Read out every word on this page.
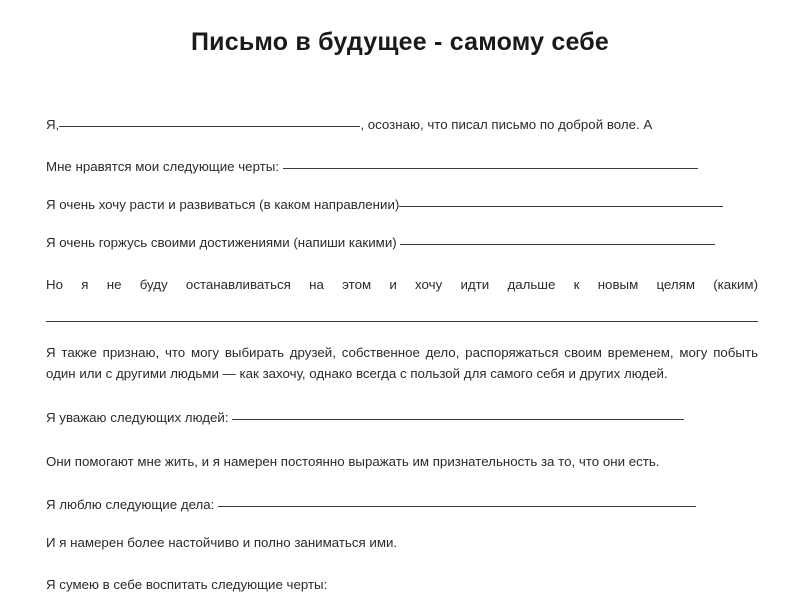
Письмо в будущее - самому себе

Я,	, осознаю, что писал письмо по доброй воле. А

Мне нравятся мои следующие черты:

Я очень хочу расти и развиваться (в каком направлении)

Я очень горжусь своими достижениями (напиши какими)

Но я не буду останавливаться на этом и хочу идти дальше к новым целям (каким)

Я также признаю, что могу выбирать друзей, собственное дело, распоряжаться своим временем, могу побыть один или с другими людьми — как захочу, однако всегда с пользой для самого себя и других людей.

Я уважаю следующих людей:

Они помогают мне жить, и я намерен постоянно выражать им признательность за то, что они есть.

Я люблю следующие дела:

И я намерен более настойчиво и полно заниматься ими.

Я сумею в себе воспитать следующие черты:
